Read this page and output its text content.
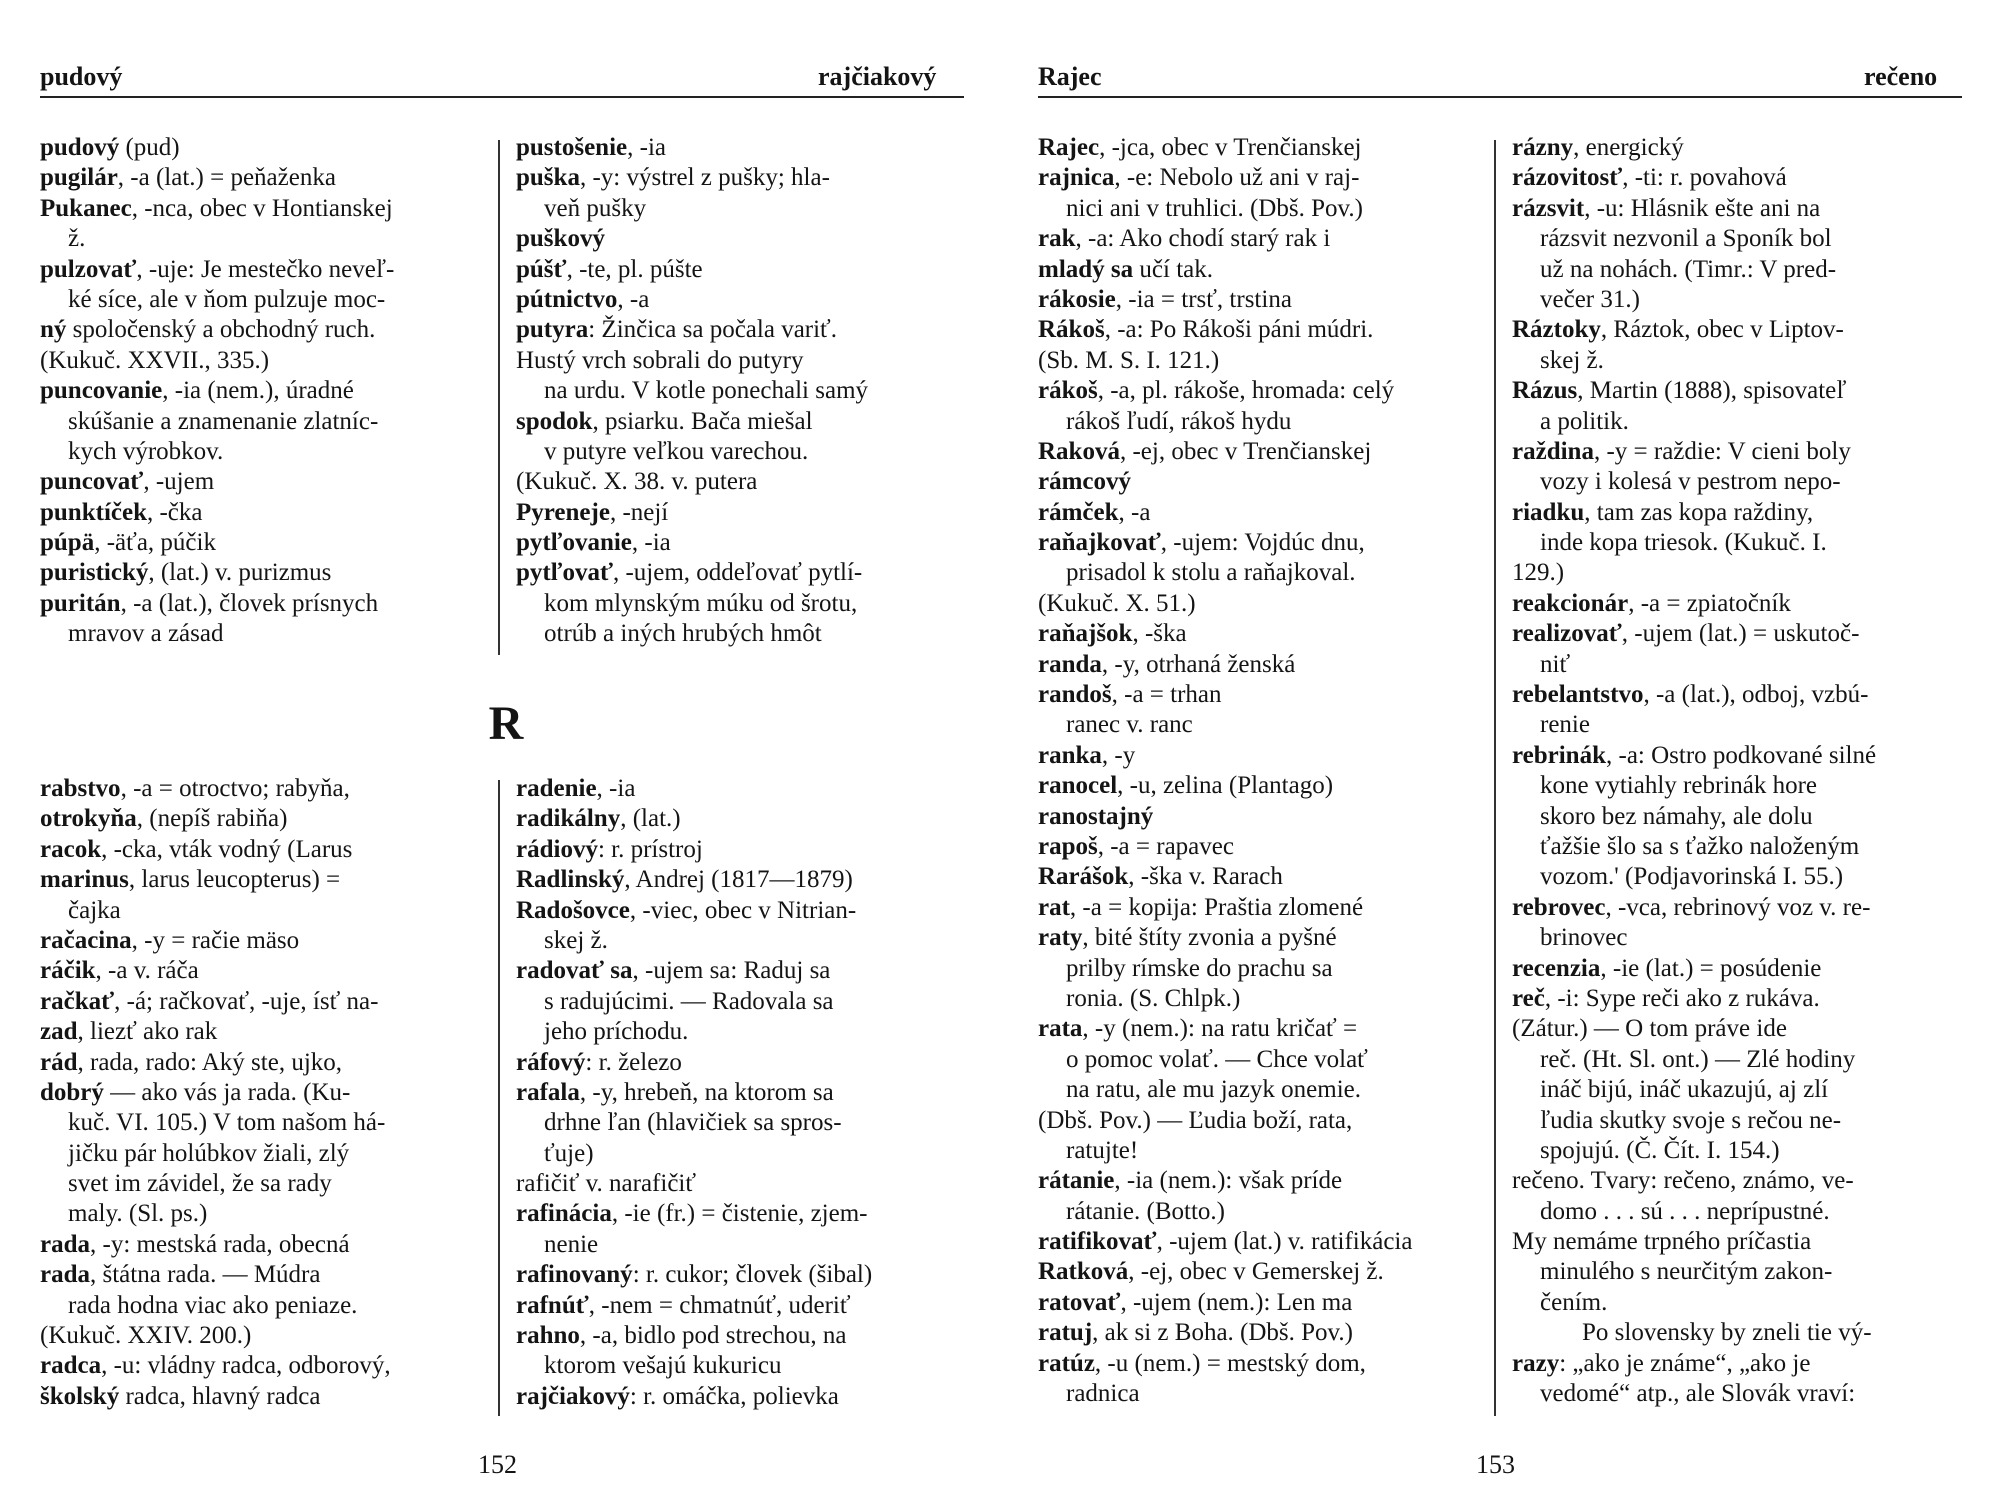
pudový	rajčiakový
pudový (pud)
pugilár, -a (lat.) = peňaženka
Pukanec, -nca, obec v Hontianskej
ž.
pulzovať, -uje: Je mestečko neveľ-
ké síce, ale v ňom pulzuje moc-
ný spoločenský a obchodný ruch.
(Kukuč. XXVII., 335.)
puncovanie, -ia (nem.), úradné
skúšanie a znamenanie zlatníc-
kych výrobkov.
puncovať, -ujem
punktíček, -čka
púpä, -äťa, púčik
puristický, (lat.) v. purizmus
puritán, -a (lat.), človek prísnych
mravov a zásad
pustošenie, -ia
puška, -y: výstrel z pušky; hla-
veň pušky
puškový
púšť, -te, pl. púšte
pútnictvo, -a
putyra: Žinčica sa počala variť.
Hustý vrch sobrali do putyry
na urdu. V kotle ponechali samý
spodok, psiarku. Bača miešal
v putyre veľkou varechou.
(Kukuč. X. 38. v. putera
Pyreneje, -nejí
pytľovanie, -ia
pytľovať, -ujem, oddeľovať pytlí-
kom mlynským múku od šrotu,
otrúb a iných hrubých hmôt
R
rabstvo, -a = otroctvo; rabyňa,
otrokyňa, (nepíš rabiňa)
racok, -cka, vták vodný (Larus
marinus, larus leucopterus) =
čajka
račacina, -y = račie mäso
ráčik, -a v. ráča
račkať, -á; račkovať, -uje, ísť na-
zad, liezť ako rak
rád, rada, rado: Aký ste, ujko,
dobrý — ako vás ja rada. (Ku-
kuč. VI. 105.) V tom našom há-
jičku pár holúbkov žiali, zlý
svet im závidel, že sa rady
maly. (Sl. ps.)
rada, -y: mestská rada, obecná
rada, štátna rada. — Múdra
rada hodna viac ako peniaze.
(Kukuč. XXIV. 200.)
radca, -u: vládny radca, odborový,
školský radca, hlavný radca
radenie, -ia
radikálny, (lat.)
rádiový: r. prístroj
Radlinský, Andrej (1817—1879)
Radošovce, -viec, obec v Nitrian-
skej ž.
radovať sa, -ujem sa: Raduj sa
s radujúcimi. — Radovala sa
jeho príchodu.
ráfový: r. železo
rafala, -y, hrebeň, na ktorom sa
drhne ľan (hlavičiek sa spros-
ťuje)
rafičiť v. narafičiť
rafinácia, -ie (fr.) = čistenie, zjem-
nenie
rafinovaný: r. cukor; človek (šibal)
rafnúť, -nem = chmatnúť, uderiť
rahno, -a, bidlo pod strechou, na
ktorom vešajú kukuricu
rajčiakový: r. omáčka, polievka
152
Rajec	rečeno
Rajec, -jca, obec v Trenčianskej
rajnica, -e: Nebolo už ani v raj-
nici ani v truhlici. (Dbš. Pov.)
rak, -a: Ako chodí starý rak i
mladý sa učí tak.
rákosie, -ia = trsť, trstina
Rákoš, -a: Po Rákoši páni múdri.
(Sb. M. S. I. 121.)
rákoš, -a, pl. rákoše, hromada: celý
rákoš ľudí, rákoš hydu
Raková, -ej, obec v Trenčianskej
rámcový
rámček, -a
raňajkovať, -ujem: Vojdúc dnu,
prisadol k stolu a raňajkoval.
(Kukuč. X. 51.)
raňajšok, -ška
randa, -y, otrhaná ženská
randoš, -a = trhan
ranec v. ranc
ranka, -y
ranocel, -u, zelina (Plantago)
ranostajný
rapoš, -a = rapavec
Rarášok, -ška v. Rarach
rat, -a = kopija: Praštia zlomené
raty, bité štíty zvonia a pyšné
prilby rímske do prachu sa
ronia. (S. Chlpk.)
rata, -y (nem.): na ratu kričať =
o pomoc volať. — Chce volať
na ratu, ale mu jazyk onemie.
(Dbš. Pov.) — Ľudia boží, rata,
ratujte!
rátanie, -ia (nem.): však príde
rátanie. (Botto.)
ratifikovať, -ujem (lat.) v. ratifikácia
Ratková, -ej, obec v Gemerskej ž.
ratovať, -ujem (nem.): Len ma
ratuj, ak si z Boha. (Dbš. Pov.)
ratúz, -u (nem.) = mestský dom,
radnica
rázny, energický
rázovitosť, -ti: r. povahová
rázsvit, -u: Hlásnik ešte ani na
rázsvit nezvonil a Sponík bol
už na nohách. (Timr.: V pred-
večer 31.)
Ráztoky, Ráztok, obec v Liptov-
skej ž.
Rázus, Martin (1888), spisovateľ
a politik.
raždina, -y = raždie: V cieni boly
vozy i kolesá v pestrom nepo-
riadku, tam zas kopa raždiny,
inde kopa triesok. (Kukuč. I.
129.)
reakcionár, -a = zpiatočník
realizovať, -ujem (lat.) = uskutoč-
niť
rebelantstvo, -a (lat.), odboj, vzbú-
renie
rebrinák, -a: Ostro podkované silné
kone vytiahly rebrinák hore
skoro bez námahy, ale dolu
ťažšie šlo sa s ťažko naloženým
vozom.' (Podjavorinská I. 55.)
rebrovec, -vca, rebrinový voz v. re-
brinovec
recenzia, -ie (lat.) = posúdenie
reč, -i: Sype reči ako z rukáva.
(Zátur.) — O tom práve ide
reč. (Ht. Sl. ont.) — Zlé hodiny
ináč bijú, ináč ukazujú, aj zlí
ľudia skutky svoje s rečou ne-
spojujú. (Č. Čít. I. 154.)
rečeno. Tvary: rečeno, známo, ve-
domo . . . sú . . . neprípustné.
My nemáme trpného príčastia
minulého s neurčitým zakon-
čením.
Po slovensky by zneli tie vý-
razy: „ako je známe“, „ako je
vedomé“ atp., ale Slovák vraví:
153
